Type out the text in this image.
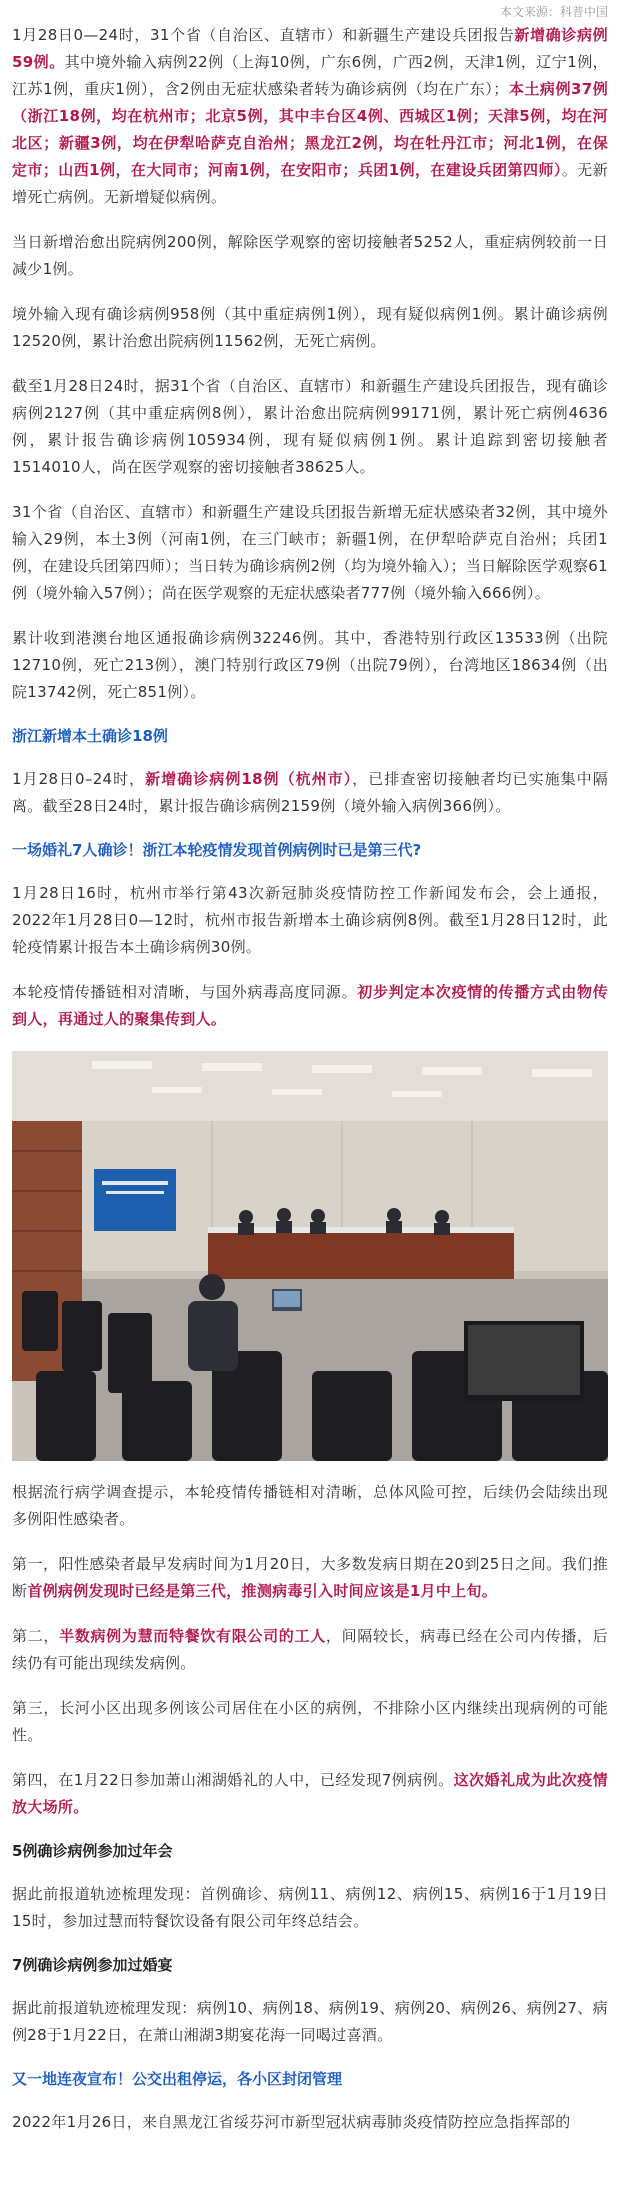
本文来源：科普中国

1月28日0—24时，31个省（自治区、直辖市）和新疆生产建设兵团报告新增确诊病例59例。其中境外输入病例22例（上海10例，广东6例，广西2例，天津1例，辽宁1例，江苏1例，重庆1例），含2例由无症状感染者转为确诊病例（均在广东）；本土病例37例（浙江18例，均在杭州市；北京5例，其中丰台区4例、西城区1例；天津5例，均在河北区；新疆3例，均在伊犁哈萨克自治州；黑龙江2例，均在牡丹江市；河北1例，在保定市；山西1例，在大同市；河南1例，在安阳市；兵团1例，在建设兵团第四师）。无新增死亡病例。无新增疑似病例。

当日新增治愈出院病例200例，解除医学观察的密切接触者5252人，重症病例较前一日减少1例。

境外输入现有确诊病例958例（其中重症病例1例），现有疑似病例1例。累计确诊病例12520例，累计治愈出院病例11562例，无死亡病例。

截至1月28日24时，据31个省（自治区、直辖市）和新疆生产建设兵团报告，现有确诊病例2127例（其中重症病例8例），累计治愈出院病例99171例，累计死亡病例4636例，累计报告确诊病例105934例，现有疑似病例1例。累计追踪到密切接触者1514010人，尚在医学观察的密切接触者38625人。

31个省（自治区、直辖市）和新疆生产建设兵团报告新增无症状感染者32例，其中境外输入29例，本土3例（河南1例，在三门峡市；新疆1例，在伊犁哈萨克自治州；兵团1例，在建设兵团第四师）；当日转为确诊病例2例（均为境外输入）；当日解除医学观察61例（境外输入57例）；尚在医学观察的无症状感染者777例（境外输入666例）。

累计收到港澳台地区通报确诊病例32246例。其中，香港特别行政区13533例（出院12710例，死亡213例），澳门特别行政区79例（出院79例），台湾地区18634例（出院13742例，死亡851例）。

浙江新增本土确诊18例

1月28日0–24时，新增确诊病例18例（杭州市），已排查密切接触者均已实施集中隔离。截至28日24时，累计报告确诊病例2159例（境外输入病例366例）。

一场婚礼7人确诊！浙江本轮疫情发现首例病例时已是第三代?

1月28日16时，杭州市举行第43次新冠肺炎疫情防控工作新闻发布会，会上通报，2022年1月28日0—12时，杭州市报告新增本土确诊病例8例。截至1月28日12时，此轮疫情累计报告本土确诊病例30例。

本轮疫情传播链相对清晰，与国外病毒高度同源。初步判定本次疫情的传播方式由物传到人，再通过人的聚集传到人。

根据流行病学调查提示，本轮疫情传播链相对清晰，总体风险可控，后续仍会陆续出现多例阳性感染者。

第一，阳性感染者最早发病时间为1月20日，大多数发病日期在20到25日之间。我们推断首例病例发现时已经是第三代，推测病毒引入时间应该是1月中上旬。

第二，半数病例为慧而特餐饮有限公司的工人，间隔较长，病毒已经在公司内传播，后续仍有可能出现续发病例。

第三，长河小区出现多例该公司居住在小区的病例，不排除小区内继续出现病例的可能性。

第四，在1月22日参加萧山湘湖婚礼的人中，已经发现7例病例。这次婚礼成为此次疫情放大场所。

5例确诊病例参加过年会

据此前报道轨迹梳理发现：首例确诊、病例11、病例12、病例15、病例16于1月19日15时，参加过慧而特餐饮设备有限公司年终总结会。

7例确诊病例参加过婚宴

据此前报道轨迹梳理发现：病例10、病例18、病例19、病例20、病例26、病例27、病例28于1月22日，在萧山湘湖3期宴花海一同喝过喜酒。

又一地连夜宣布！公交出租停运，各小区封闭管理

2022年1月26日，来自黑龙江省绥芬河市新型冠状病毒肺炎疫情防控应急指挥部的
